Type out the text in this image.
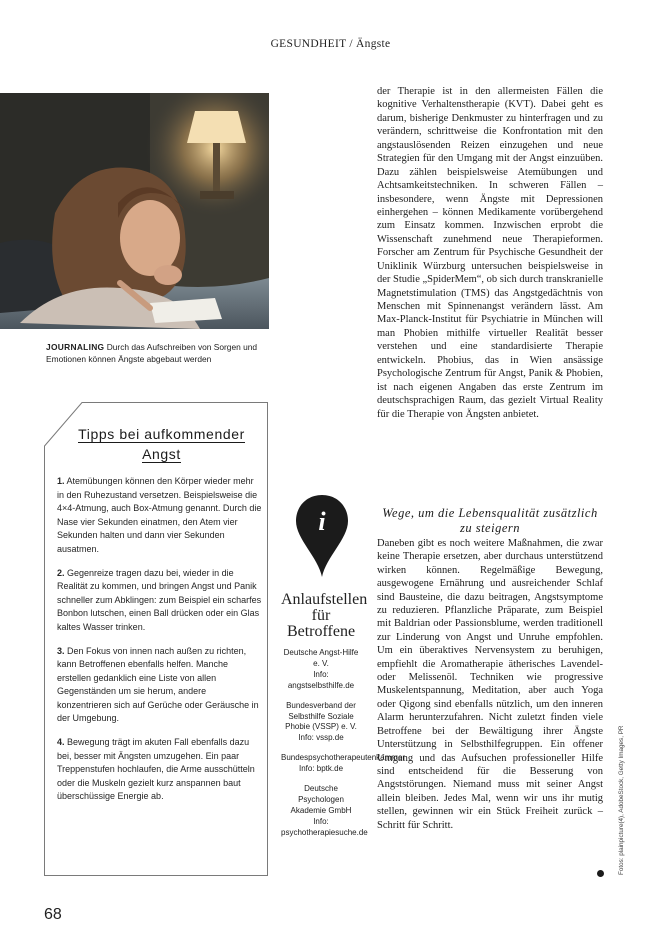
GESUNDHEIT / Ängste
JOURNALING Durch das Aufschreiben von Sorgen und Emotionen können Ängste abgebaut werden
Tipps bei aufkommender Angst
1. Atemübungen können den Körper wieder mehr in den Ruhezustand versetzen. Beispielsweise die 4×4-Atmung, auch Box-Atmung genannt. Durch die Nase vier Sekunden einatmen, den Atem vier Sekunden halten und dann vier Sekunden ausatmen.
2. Gegenreize tragen dazu bei, wieder in die Realität zu kommen, und bringen Angst und Panik schneller zum Abklingen: zum Beispiel ein scharfes Bonbon lutschen, einen Ball drücken oder ein Glas kaltes Wasser trinken.
3. Den Fokus von innen nach außen zu richten, kann Betroffenen ebenfalls helfen. Manche erstellen gedanklich eine Liste von allen Gegenständen um sie herum, andere konzentrieren sich auf Gerüche oder Geräusche in der Umgebung.
4. Bewegung trägt im akuten Fall ebenfalls dazu bei, besser mit Ängsten umzugehen. Ein paar Treppenstufen hochlaufen, die Arme ausschütteln oder die Muskeln gezielt kurz anspannen baut überschüssige Energie ab.
i
Anlaufstellen für Betroffene
Deutsche Angst-Hilfe e. V.
Info: angstselbsthilfe.de
Bundesverband der Selbsthilfe Soziale Phobie (VSSP) e. V.
Info: vssp.de
Bundespsychotherapeutenkammer
Info: bptk.de
Deutsche Psychologen Akademie GmbH
Info: psychotherapiesuche.de

der Therapie ist in den allermeisten Fällen die kognitive Verhaltenstherapie (KVT). Dabei geht es darum, bisherige Denkmuster zu hinterfragen und zu verändern, schrittweise die Konfrontation mit den angstauslösenden Reizen einzugehen und neue Strategien für den Umgang mit der Angst einzuüben. Dazu zählen beispielsweise Atemübungen und Achtsamkeitstechniken. In schweren Fällen – insbesondere, wenn Ängste mit Depressionen einhergehen – können Medikamente vorübergehend zum Einsatz kommen. Inzwischen erprobt die Wissenschaft zunehmend neue Therapieformen. Forscher am Zentrum für Psychische Gesundheit der Uniklinik Würzburg untersuchen beispielsweise in der Studie „SpiderMem“, ob sich durch transkranielle Magnetstimulation (TMS) das Angstgedächtnis von Menschen mit Spinnenangst verändern lässt. Am Max-Planck-Institut für Psychiatrie in München will man Phobien mithilfe virtueller Realität besser verstehen und eine standardisierte Therapie entwickeln. Phobius, das in Wien ansässige Psychologische Zentrum für Angst, Panik & Phobien, ist nach eigenen Angaben das erste Zentrum im deutschsprachigen Raum, das gezielt Virtual Reality für die Therapie von Ängsten anbietet.

Wege, um die Lebensqualität zusätzlich zu steigern

Daneben gibt es noch weitere Maßnahmen, die zwar keine Therapie ersetzen, aber durchaus unterstützend wirken können. Regelmäßige Bewegung, ausgewogene Ernährung und ausreichender Schlaf sind Bausteine, die dazu beitragen, Angstsymptome zu reduzieren. Pflanzliche Präparate, zum Beispiel mit Baldrian oder Passionsblume, werden traditionell zur Linderung von Angst und Unruhe empfohlen. Um ein überaktives Nervensystem zu beruhigen, empfiehlt die Aromatherapie ätherisches Lavendel- oder Melissenöl. Techniken wie progressive Muskelentspannung, Meditation, aber auch Yoga oder Qigong sind ebenfalls nützlich, um den inneren Alarm herunterzufahren. Nicht zuletzt finden viele Betroffene bei der Bewältigung ihrer Ängste Unterstützung in Selbsthilfegruppen. Ein offener Umgang und das Aufsuchen professioneller Hilfe sind entscheidend für die Besserung von Angststörungen. Niemand muss mit seiner Angst allein bleiben. Jedes Mal, wenn wir uns ihr mutig stellen, gewinnen wir ein Stück Freiheit zurück – Schritt für Schritt.	Fotos: plainpicture(4), AdobeStock, Getty Images, PR
68
